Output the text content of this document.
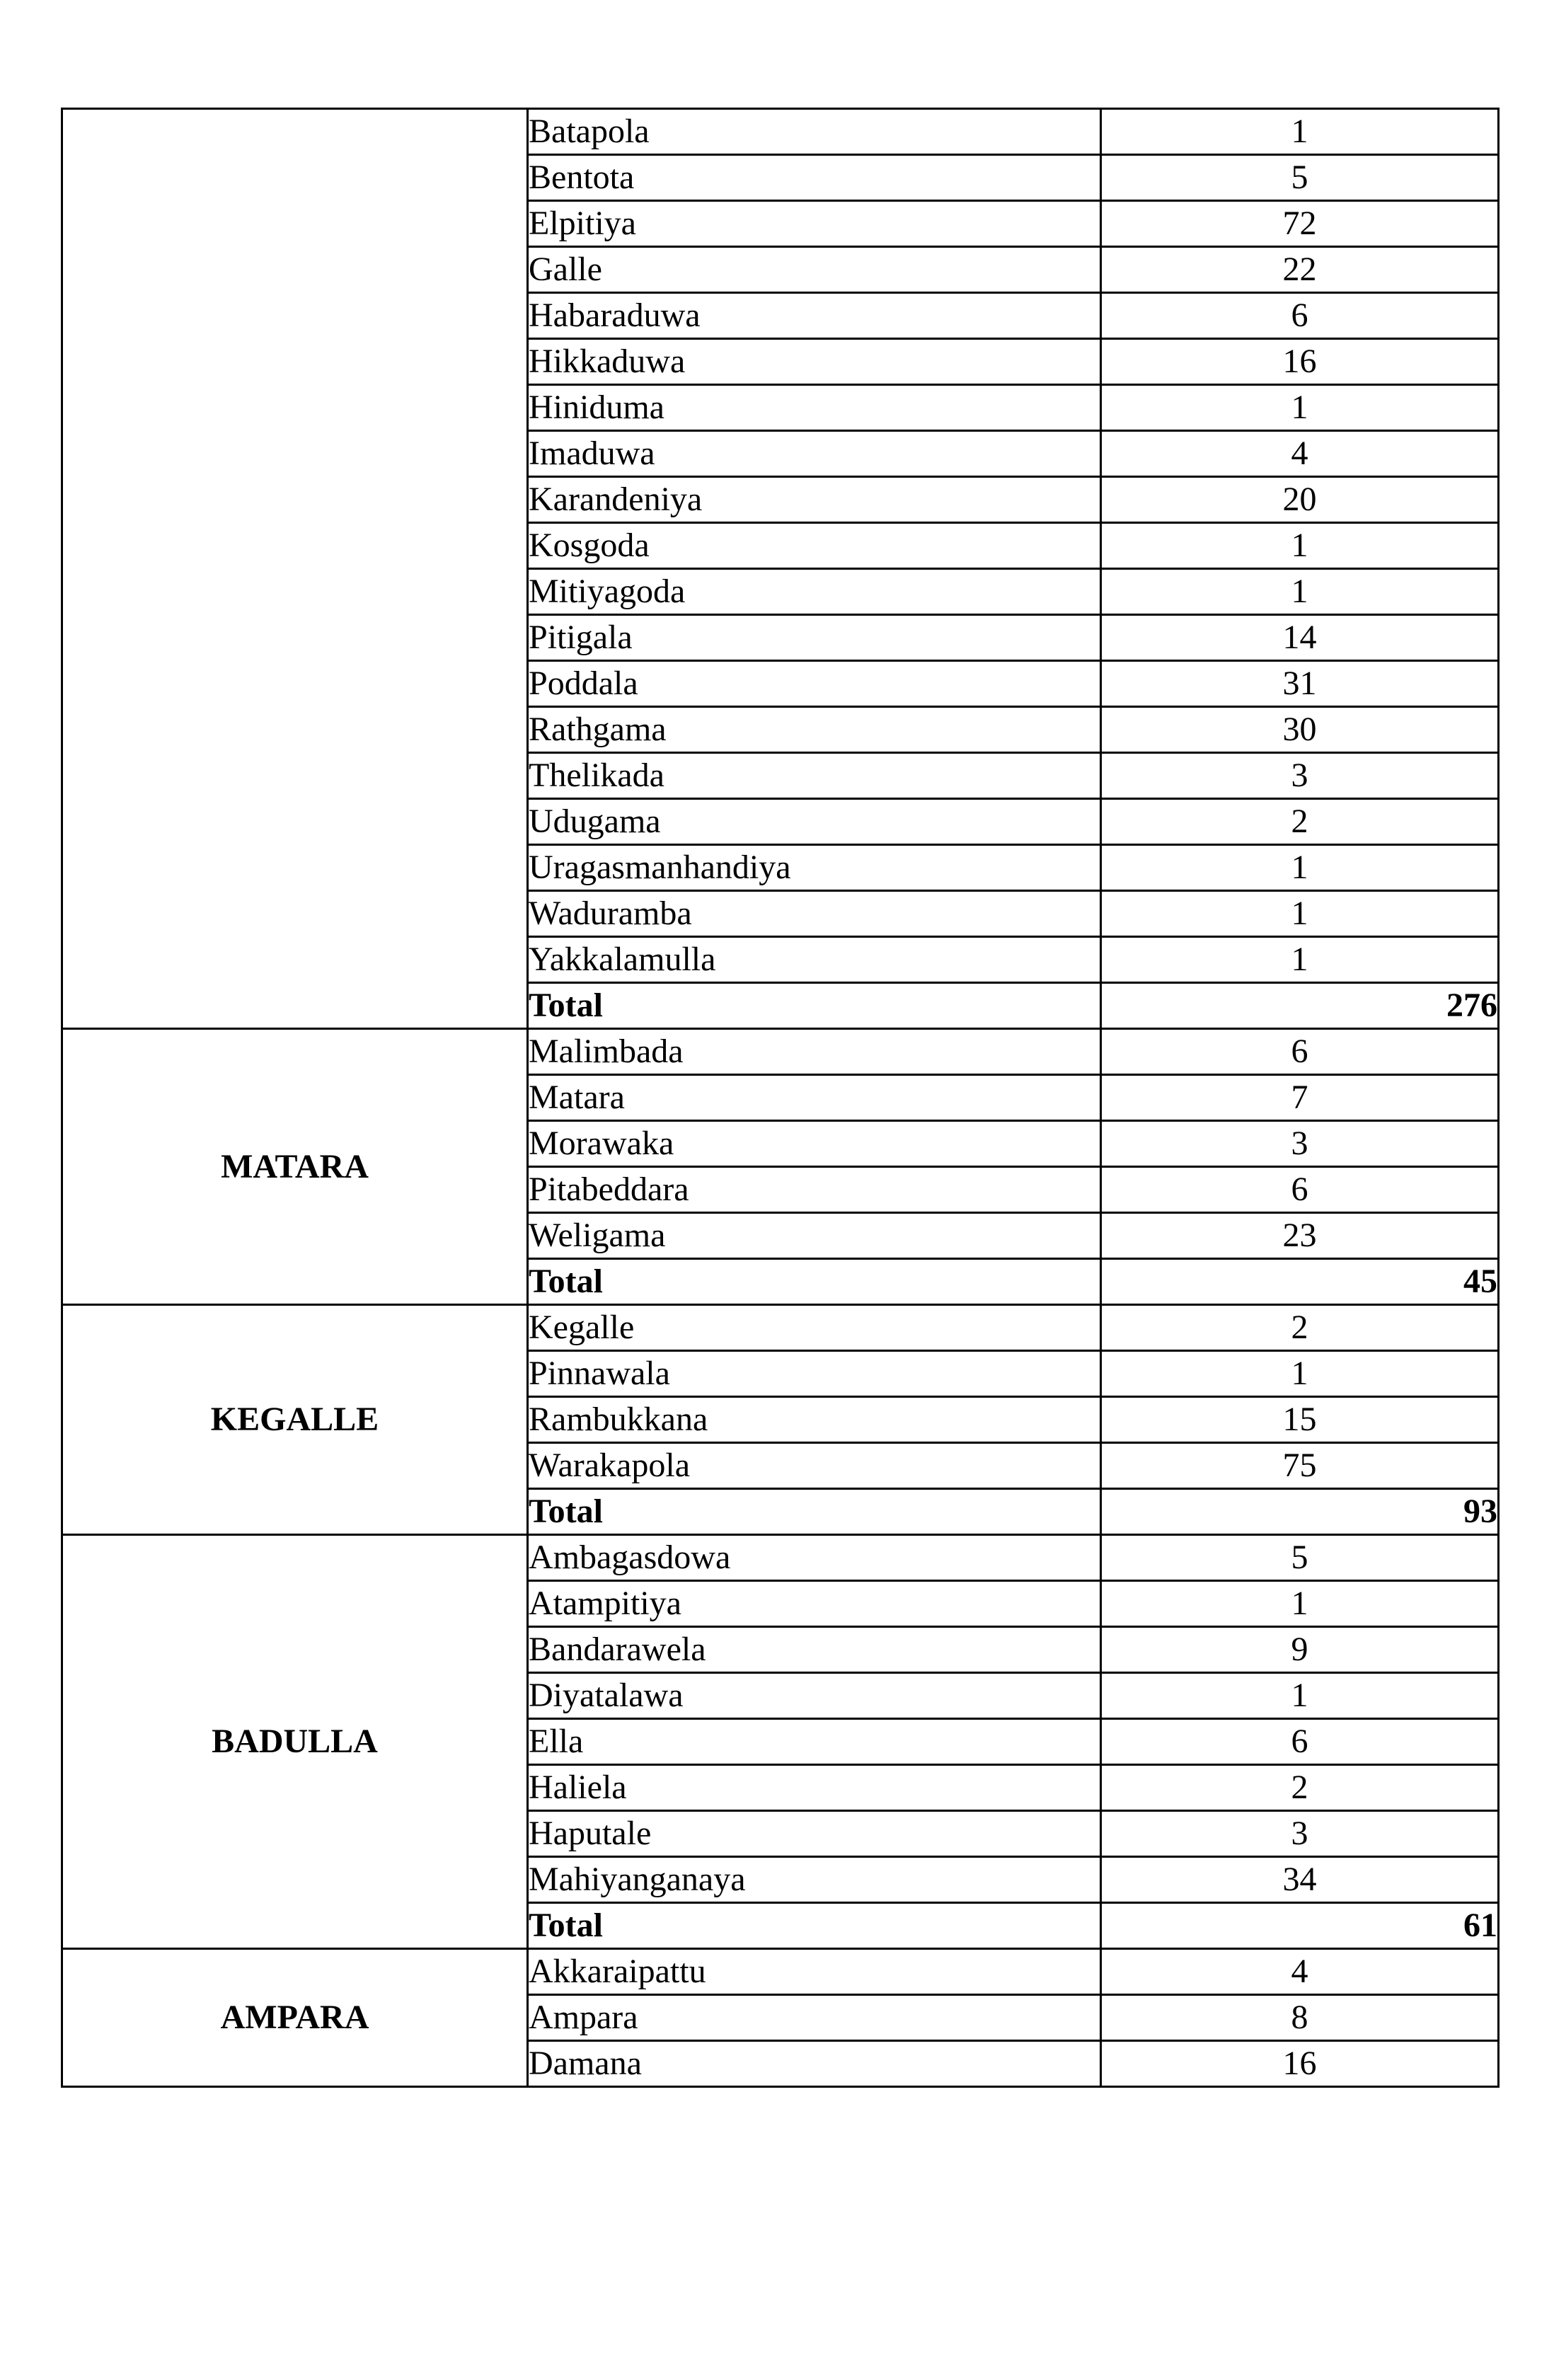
	Batapola	1
	Bentota	5
	Elpitiya	72
	Galle	22
	Habaraduwa	6
	Hikkaduwa	16
	Hiniduma	1
	Imaduwa	4
	Karandeniya	20
	Kosgoda	1
	Mitiyagoda	1
	Pitigala	14
	Poddala	31
	Rathgama	30
	Thelikada	3
	Udugama	2
	Uragasmanhandiya	1
	Waduramba	1
	Yakkalamulla	1
	Total	276
MATARA	Malimbada	6
	Matara	7
	Morawaka	3
	Pitabeddara	6
	Weligama	23
	Total	45
KEGALLE	Kegalle	2
	Pinnawala	1
	Rambukkana	15
	Warakapola	75
	Total	93
BADULLA	Ambagasdowa	5
	Atampitiya	1
	Bandarawela	9
	Diyatalawa	1
	Ella	6
	Haliela	2
	Haputale	3
	Mahiyanganaya	34
	Total	61
AMPARA	Akkaraipattu	4
	Ampara	8
	Damana	16
